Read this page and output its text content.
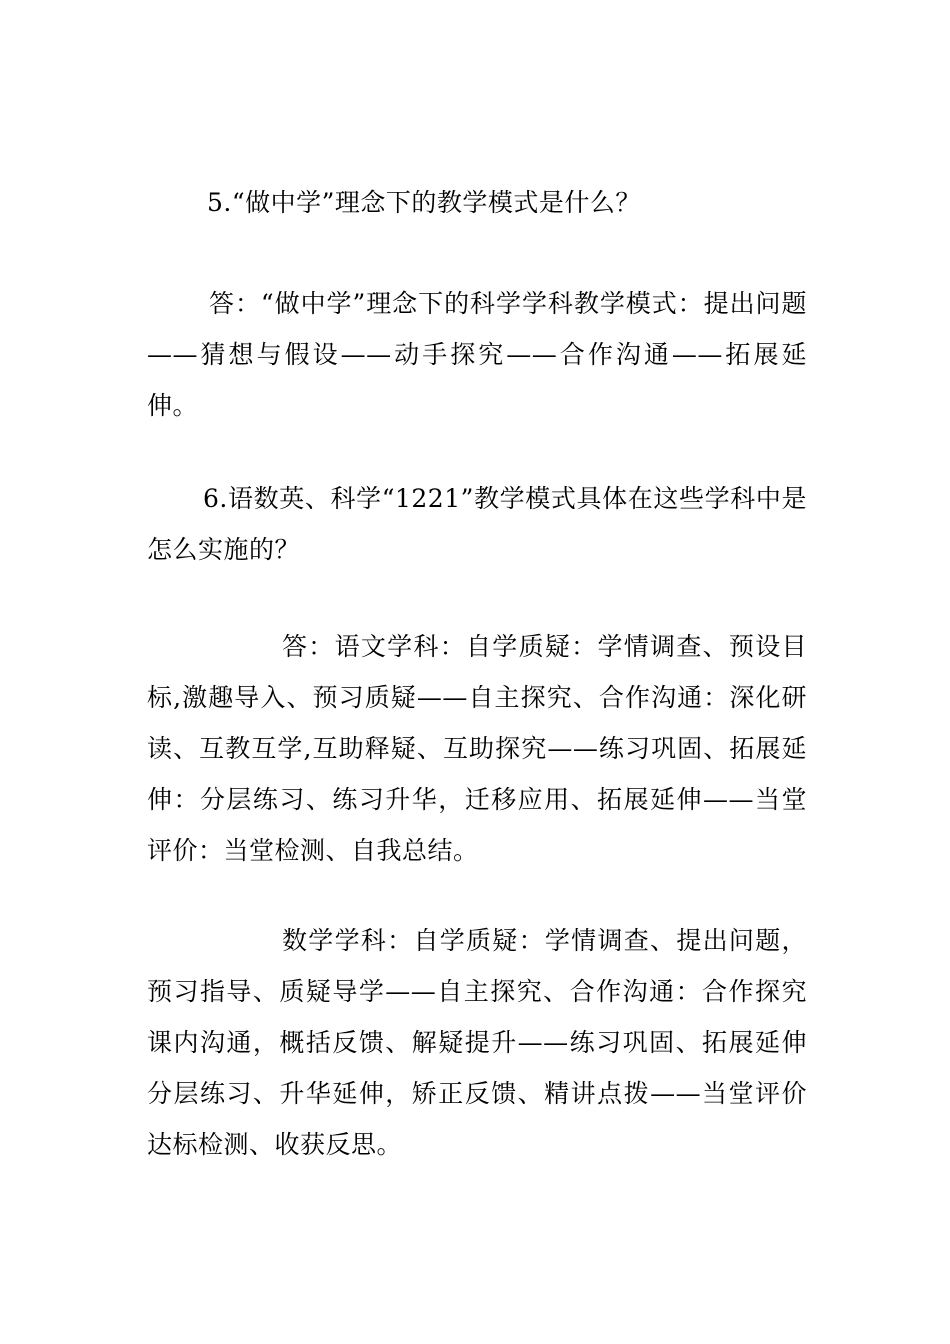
5.“做中学”理念下的教学模式是什么？

答：“做中学”理念下的科学学科教学模式：提出问题——猜想与假设——动手探究——合作沟通——拓展延伸。

6.语数英、科学“1221”教学模式具体在这些学科中是怎么实施的？

答：语文学科：自学质疑：学情调查、预设目标,激趣导入、预习质疑——自主探究、合作沟通：深化研读、互教互学,互助释疑、互助探究——练习巩固、拓展延伸：分层练习、练习升华，迁移应用、拓展延伸——当堂评价：当堂检测、自我总结。

数学学科：自学质疑：学情调查、提出问题，预习指导、质疑导学——自主探究、合作沟通：合作探究课内沟通，概括反馈、解疑提升——练习巩固、拓展延伸分层练习、升华延伸，矫正反馈、精讲点拨——当堂评价达标检测、收获反思。
